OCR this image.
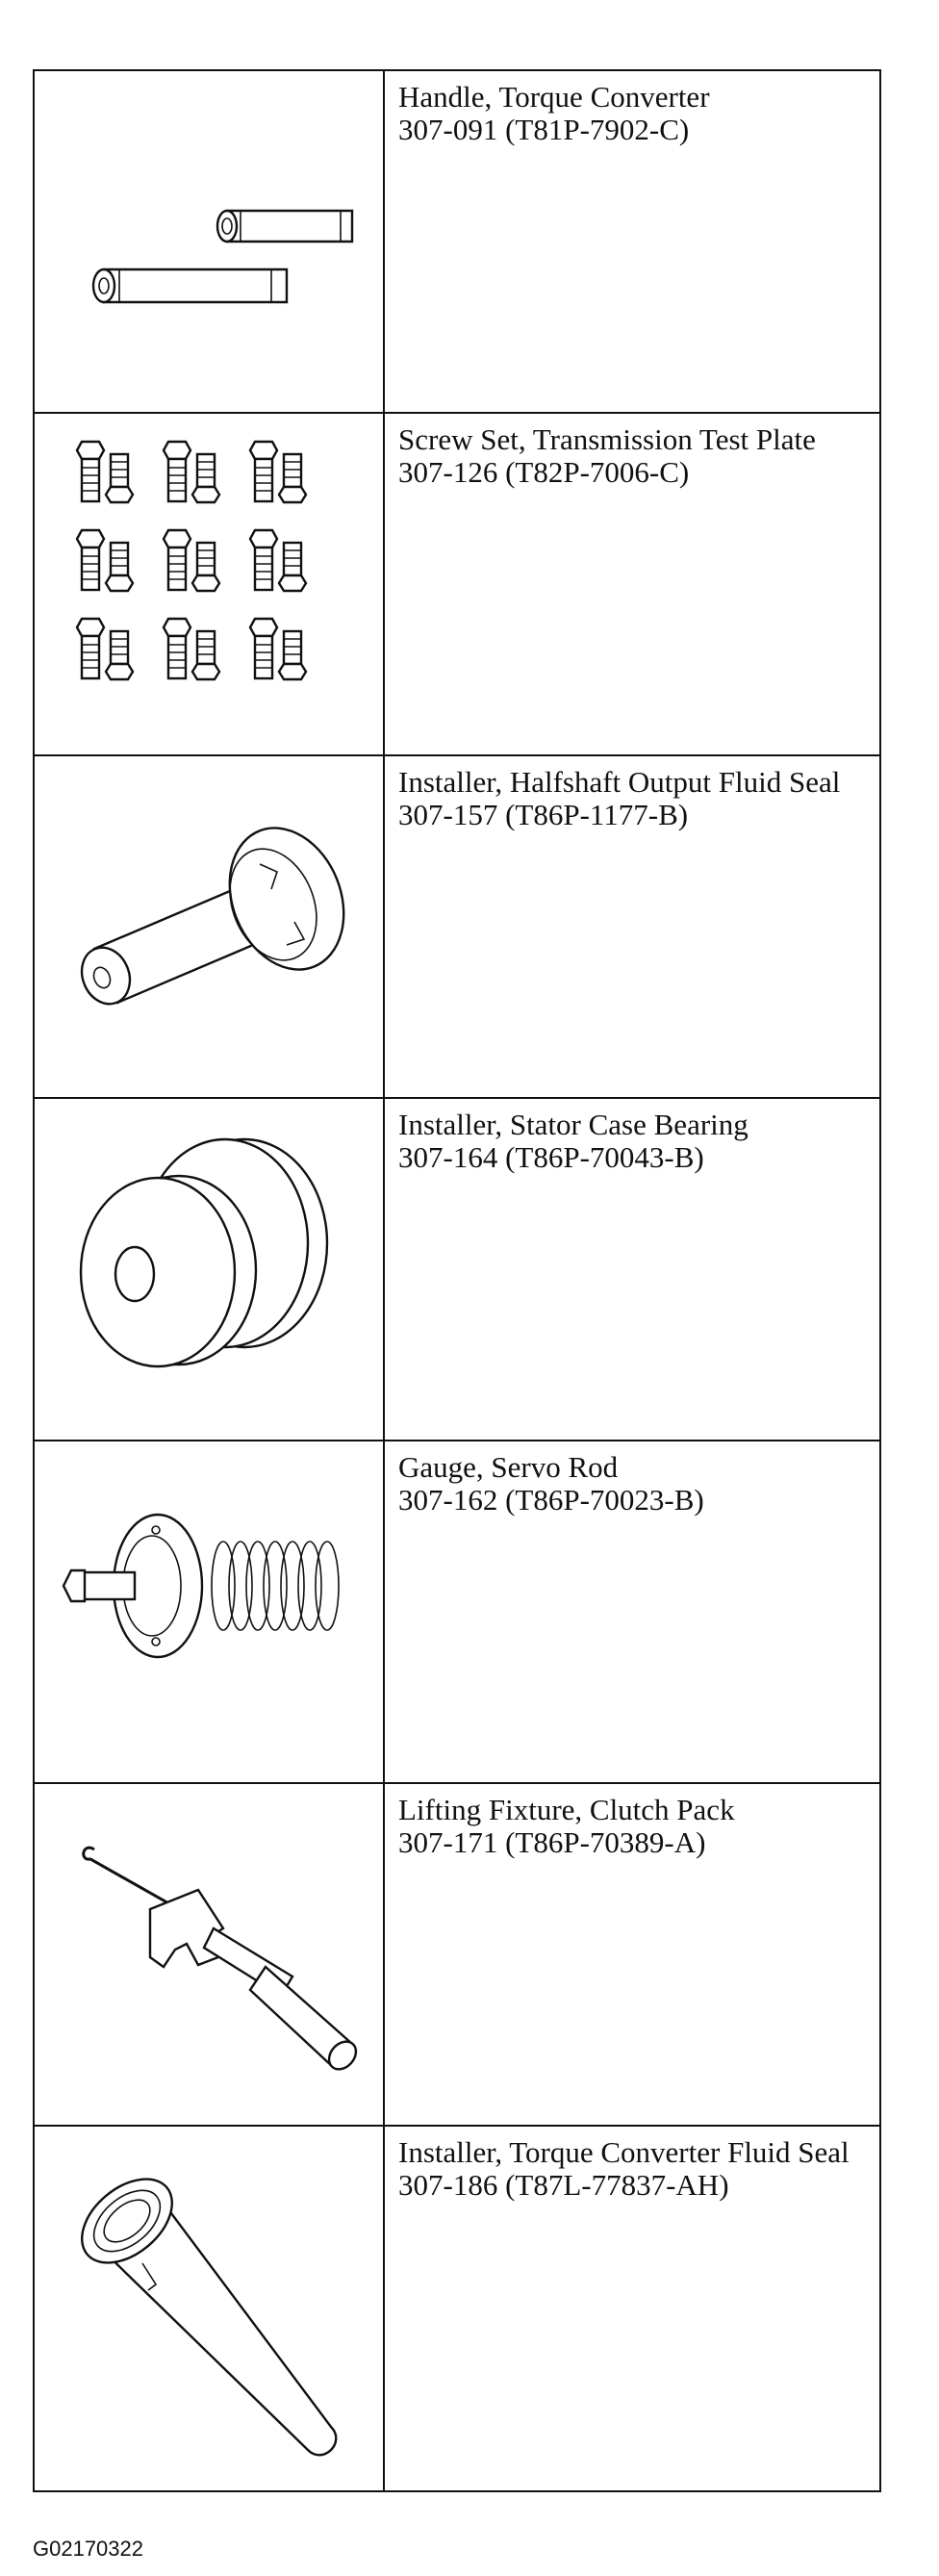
Handle, Torque Converter
307-091 (T81P-7902-C)

Screw Set, Transmission Test Plate
307-126 (T82P-7006-C)

Installer, Halfshaft Output Fluid Seal
307-157 (T86P-1177-B)

Installer, Stator Case Bearing
307-164 (T86P-70043-B)

Gauge, Servo Rod
307-162 (T86P-70023-B)

Lifting Fixture, Clutch Pack
307-171 (T86P-70389-A)

Installer, Torque Converter Fluid Seal
307-186 (T87L-77837-AH)
G02170322
